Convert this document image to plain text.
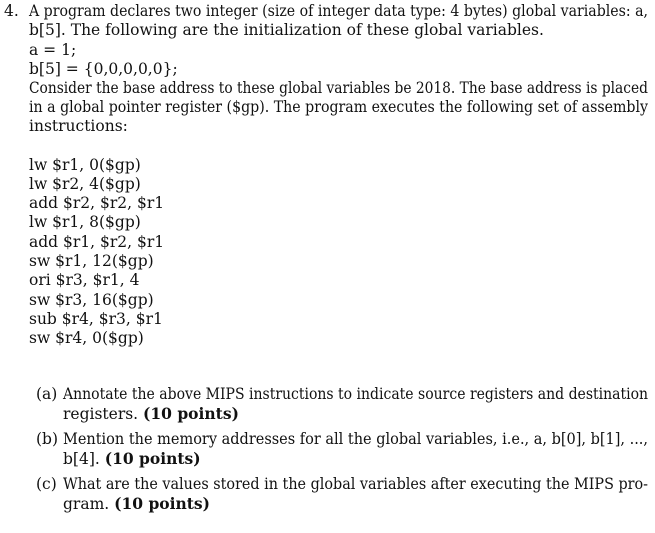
4. A program declares two integer (size of integer data type: 4 bytes) global variables: a,
b[5]. The following are the initialization of these global variables.
a = 1;
b[5] = {0,0,0,0,0};
Consider the base address to these global variables be 2018. The base address is placed
in a global pointer register ($gp). The program executes the following set of assembly
instructions:
lw $r1, 0($gp)
lw $r2, 4($gp)
add $r2, $r2, $r1
lw $r1, 8($gp)
add $r1, $r2, $r1
sw $r1, 12($gp)
ori $r3, $r1, 4
sw $r3, 16($gp)
sub $r4, $r3, $r1
sw $r4, 0($gp)
(a) Annotate the above MIPS instructions to indicate source registers and destination
registers. (10 points)
(b) Mention the memory addresses for all the global variables, i.e., a, b[0], b[1], ...,
b[4]. (10 points)
(c) What are the values stored in the global variables after executing the MIPS pro-
gram. (10 points)
